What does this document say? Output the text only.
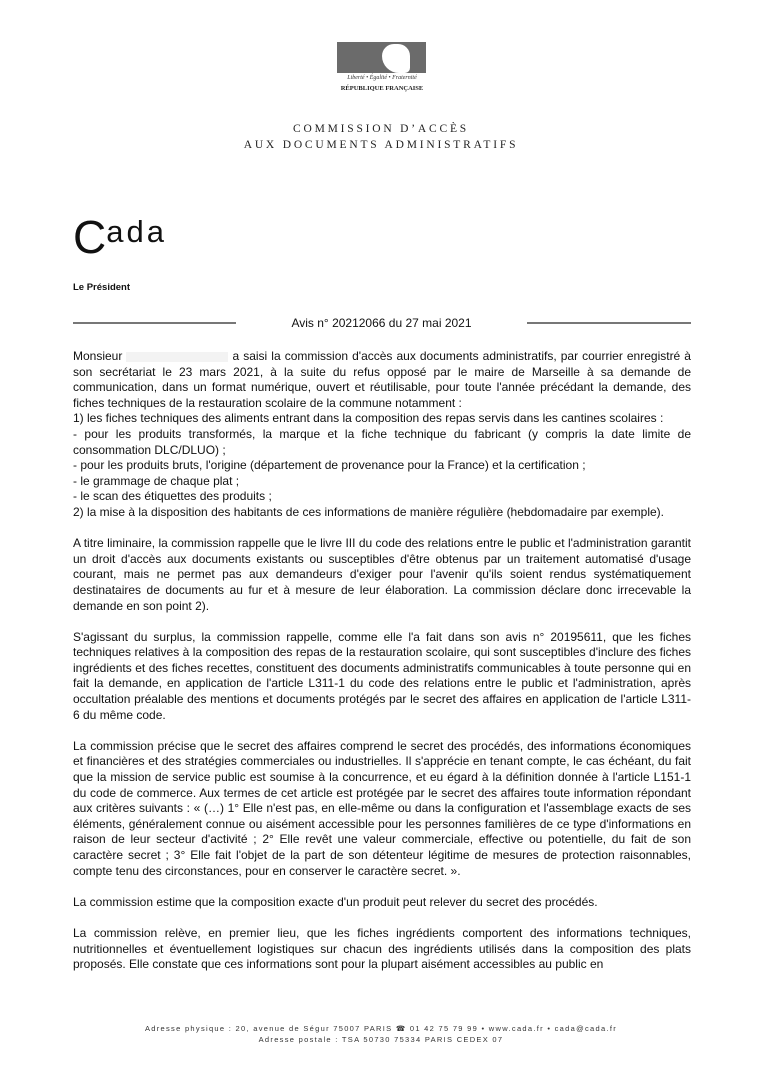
Liberté • Égalité • Fraternité
RÉPUBLIQUE FRANÇAISE
COMMISSION D’ACCÈS
AUX DOCUMENTS ADMINISTRATIFS
Cada
Le Président
Avis n° 20212066 du 27 mai 2021

Monsieur	a saisi la commission d'accès aux documents administratifs, par courrier enregistré à son secrétariat le 23 mars 2021, à la suite du refus opposé par le maire de Marseille à sa demande de communication, dans un format numérique, ouvert et réutilisable, pour toute l'année précédant la demande, des fiches techniques de la restauration scolaire de la commune notamment :
1) les fiches techniques des aliments entrant dans la composition des repas servis dans les cantines scolaires :
- pour les produits transformés, la marque et la fiche technique du fabricant (y compris la date limite de consommation DLC/DLUO) ;
- pour les produits bruts, l'origine (département de provenance pour la France) et la certification ;
- le grammage de chaque plat ;
- le scan des étiquettes des produits ;
2) la mise à la disposition des habitants de ces informations de manière régulière (hebdomadaire par exemple).

A titre liminaire, la commission rappelle que le livre III du code des relations entre le public et l'administration garantit un droit d'accès aux documents existants ou susceptibles d'être obtenus par un traitement automatisé d'usage courant, mais ne permet pas aux demandeurs d'exiger pour l'avenir qu'ils soient rendus systématiquement destinataires de documents au fur et à mesure de leur élaboration. La commission déclare donc irrecevable la demande en son point 2).

S'agissant du surplus, la commission rappelle, comme elle l'a fait dans son avis n° 20195611, que les fiches techniques relatives à la composition des repas de la restauration scolaire, qui sont susceptibles d'inclure des fiches ingrédients et des fiches recettes, constituent des documents administratifs communicables à toute personne qui en fait la demande, en application de l'article L311-1 du code des relations entre le public et l'administration, après occultation préalable des mentions et documents protégés par le secret des affaires en application de l'article L311-6 du même code.

La commission précise que le secret des affaires comprend le secret des procédés, des informations économiques et financières et des stratégies commerciales ou industrielles. Il s'apprécie en tenant compte, le cas échéant, du fait que la mission de service public est soumise à la concurrence, et eu égard à la définition donnée à l'article L151-1 du code de commerce. Aux termes de cet article est protégée par le secret des affaires toute information répondant aux critères suivants : « (…) 1° Elle n'est pas, en elle-même ou dans la configuration et l'assemblage exacts de ses éléments, généralement connue ou aisément accessible pour les personnes familières de ce type d'informations en raison de leur secteur d'activité ; 2° Elle revêt une valeur commerciale, effective ou potentielle, du fait de son caractère secret ; 3° Elle fait l'objet de la part de son détenteur légitime de mesures de protection raisonnables, compte tenu des circonstances, pour en conserver le caractère secret. ».

La commission estime que la composition exacte d'un produit peut relever du secret des procédés.

La commission relève, en premier lieu, que les fiches ingrédients comportent des informations techniques, nutritionnelles et éventuellement logistiques sur chacun des ingrédients utilisés dans la composition des plats proposés. Elle constate que ces informations sont pour la plupart aisément accessibles au public en

Adresse physique : 20, avenue de Ségur 75007 PARIS ☎ 01 42 75 79 99 • www.cada.fr • cada@cada.fr
Adresse postale : TSA 50730 75334 PARIS CEDEX 07
